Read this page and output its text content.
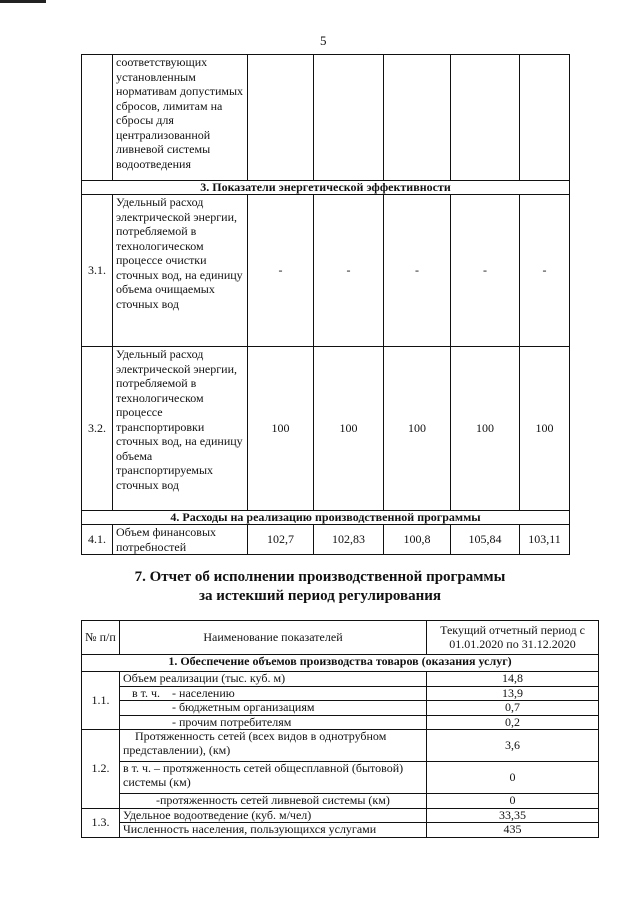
5
	соответствующих установленным нормативам допустимых сбросов, лимитам на сбросы для централизованной ливневой системы водоотведения					
3. Показатели энергетической эффективности						
3.1.	Удельный расход электрической энергии, потребляемой в технологическом процессе очистки сточных вод, на единицу объема очищаемых сточных вод	-	-	-	-	-
3.2.	Удельный расход электрической энергии, потребляемой в технологическом процессе транспортировки сточных вод, на единицу объема транспортируемых сточных вод	100	100	100	100	100
4. Расходы на реализацию производственной программы						
4.1.	Объем финансовых потребностей	102,7	102,83	100,8	105,84	103,11
7. Отчет об исполнении производственной программы
за истекший период регулирования
№ п/п	Наименование показателей	Текущий отчетный период с 01.01.2020 по 31.12.2020
1. Обеспечение объемов производства товаров (оказания услуг)		
1.1.	Объем реализации (тыс. куб. м)	14,8
	в т. ч.    - населению	13,9
	- бюджетным организациям	0,7
	- прочим потребителям	0,2
1.2.	Протяженность сетей (всех видов в однотрубном представлении), (км)	3,6
	в т. ч. – протяженность сетей общесплавной (бытовой) системы (км)	0
	-протяженность сетей ливневой системы (км)	0
1.3.	Удельное водоотведение (куб. м/чел)	33,35
	Численность населения, пользующихся услугами	435
